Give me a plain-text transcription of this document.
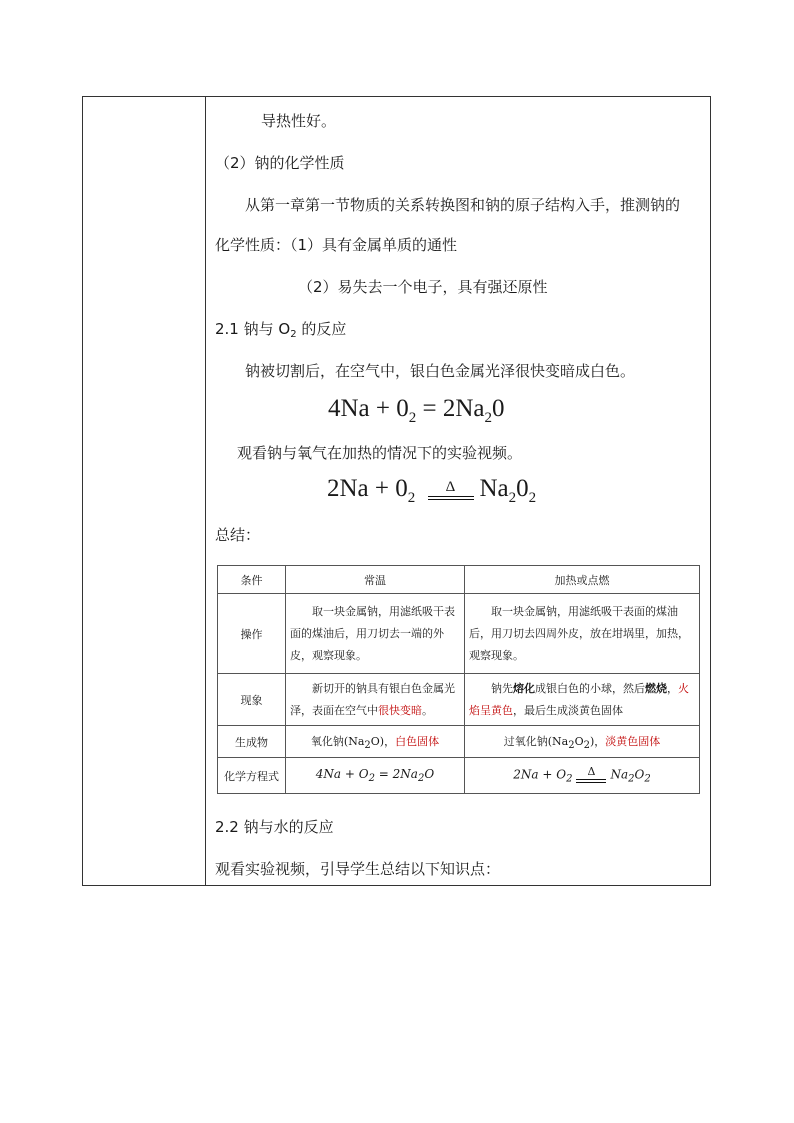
导热性好。
（2）钠的化学性质
从第一章第一节物质的关系转换图和钠的原子结构入手，推测钠的
化学性质：（1）具有金属单质的通性
（2）易失去一个电子，具有强还原性
2.1 钠与 $O_2$ 的反应
钠被切割后，在空气中，银白色金属光泽很快变暗成白色。
$4Na + 0_2 = 2Na_20$
观看钠与氧气在加热的情况下的实验视频。
$2Na + 0_2$
Δ $Na_20_2$
总结：
条件	常温	加热或点燃
操作	取一块金属钠，用滤纸吸干表面的煤油后，用刀切去一端的外皮，观察现象。	取一块金属钠，用滤纸吸干表面的煤油后，用刀切去四周外皮，放在坩埚里，加热，观察现象。

现象	新切开的钠具有银白色金属光泽，表面在空气中很快变暗。	钠先熔化成银白色的小球，然后燃烧，火焰呈黄色，最后生成淡黄色固体

生成物	氧化钠$(Na_2O)$，白色固体	过氧化钠$(Na_2O_2)$，淡黄色固体
化学方程式	$4Na + O_2 = 2Na_2O$	$2Na + O_2$
Δ $Na_2O_2$
2.2 钠与水的反应
观看实验视频，引导学生总结以下知识点：
